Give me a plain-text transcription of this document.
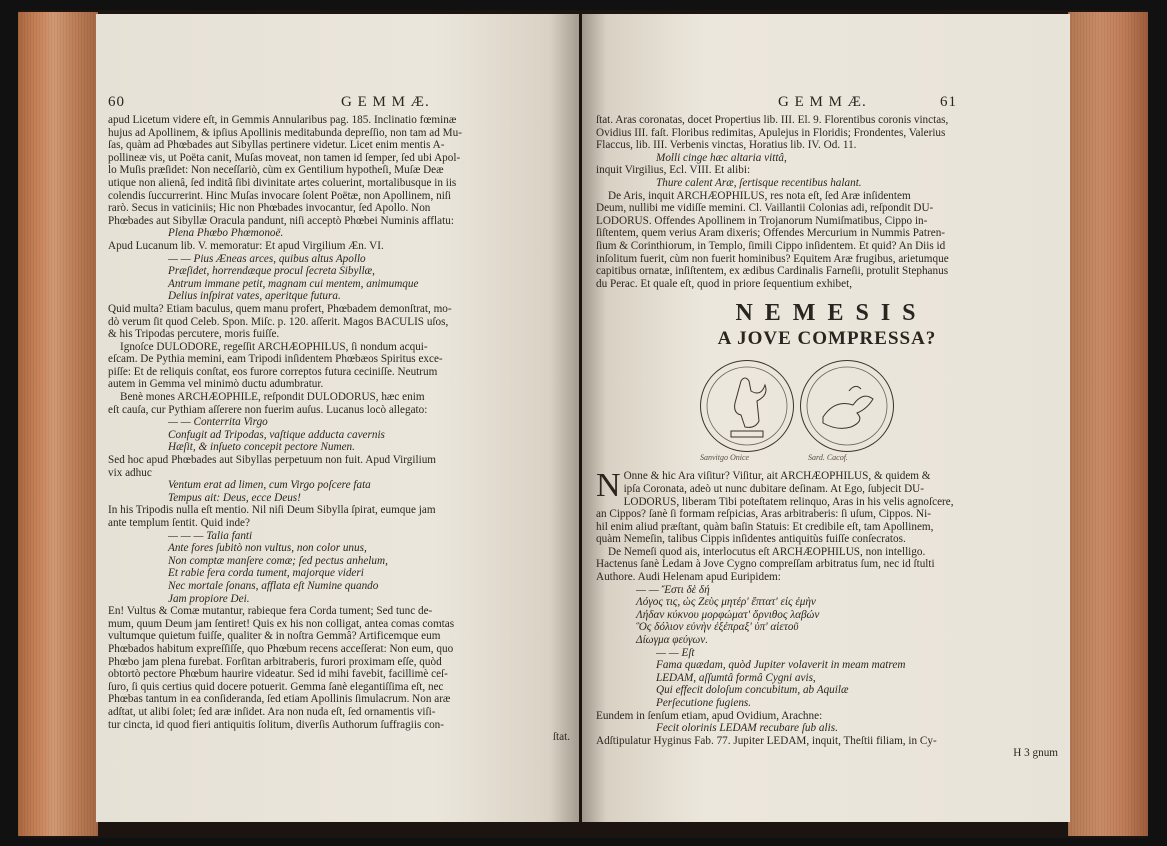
60	G E M M Æ.
apud Licetum videre eſt, in Gemmis Annularibus pag. 185. Inclinatio fœminæ
hujus ad Apollinem, & ipſius Apollinis meditabunda depreſſio, non tam ad Mu-
ſas, quàm ad Phœbades aut Sibyllas pertinere videtur. Licet enim mentis A-
pollineæ vis, ut Poëta canit, Muſas moveat, non tamen id ſemper, ſed ubi Apol-
lo Muſis præſidet: Non neceſſariò, cùm ex Gentilium hypotheſi, Muſæ Deæ
utique non alienâ, ſed inditâ ſibi divinitate artes coluerint, mortalibusque in iis
colendis ſuccurrerint. Hinc Muſas invocare ſolent Poëtæ, non Apollinem, niſi
rarò. Secus in vaticiniis; Hic non Phœbades invocantur, ſed Apollo. Non
Phœbades aut Sibyllæ Oracula pandunt, niſi acceptò Phœbei Numinis afflatu:
Plena Phœbo Phœmonoë.
Apud Lucanum lib. V. memoratur: Et apud Virgilium Æn. VI.
— — Pius Æneas arces, quibus altus Apollo
Præſidet, horrendæque procul ſecreta Sibyllæ,
Antrum immane petit, magnam cui mentem, animumque
Delius inſpirat vates, aperitque futura.
Quid multa? Etiam baculus, quem manu profert, Phœbadem demonſtrat, mo-
dò verum ſit quod Celeb. Spon. Miſc. p. 120. aſſerit. Magos BACULIS uſos,
& his Tripodas percutere, moris fuiſſe.
Ignoſce DULODORE, regeſſit ARCHÆOPHILUS, ſi nondum acqui-
eſcam. De Pythia memini, eam Tripodi inſidentem Phœbæos Spiritus exce-
piſſe: Et de reliquis conſtat, eos furore correptos futura ceciniſſe. Neutrum
autem in Gemma vel minimò ductu adumbratur.
Benè mones ARCHÆOPHILE, reſpondit DULODORUS, hæc enim
eſt cauſa, cur Pythiam aſſerere non fuerim auſus. Lucanus locò allegato:
— — Conterrita Virgo
Confugit ad Tripodas, vaſtique adducta cavernis
Hæſit, & inſueto concepit pectore Numen.
Sed hoc apud Phœbades aut Sibyllas perpetuum non fuit. Apud Virgilium
vix adhuc
Ventum erat ad limen, cum Virgo poſcere fata
Tempus ait: Deus, ecce Deus!
In his Tripodis nulla eſt mentio. Nil niſi Deum Sibylla ſpirat, eumque jam
ante templum ſentit. Quid inde?
— — — Talia fanti
Ante fores ſubitò non vultus, non color unus,
Non comptæ manſere comæ; ſed pectus anhelum,
Et rabie fera corda tument, majorque videri
Nec mortale ſonans, afflata eſt Numine quando
Jam propiore Dei.
En! Vultus & Comæ mutantur, rabieque fera Corda tument; Sed tunc de-
mum, quum Deum jam ſentiret! Quis ex his non colligat, antea comas comtas
vultumque quietum fuiſſe, qualiter & in noſtra Gemmâ? Artificemque eum
Phœbados habitum expreſſiſſe, quo Phœbum recens acceſſerat: Non eum, quo
Phœbo jam plena furebat. Forſitan arbitraberis, furori proximam eſſe, quòd
obtortò pectore Phœbum haurire videatur. Sed id mihi favebit, facillimè ceſ-
ſuro, ſi quis certius quid docere potuerit. Gemma ſanè elegantiſſima eſt, nec
Phœbas tantum in ea conſideranda, ſed etiam Apollinis ſimulacrum. Non aræ
adſtat, ut alibi ſolet; ſed aræ inſidet. Ara non nuda eſt, ſed ornamentis viſi-
tur cincta, id quod fieri antiquitis ſolitum, diverſis Authorum ſuffragiis con-
ſtat.
G E M M Æ.	61
ſtat. Aras coronatas, docet Propertius lib. III. El. 9. Florentibus coronis vinctas,
Ovidius III. faſt. Floribus redimitas, Apulejus in Floridis; Frondentes, Valerius
Flaccus, lib. III. Verbenis vinctas, Horatius lib. IV. Od. 11.
Molli cinge hæc altaria vittâ,
inquit Virgilius, Ecl. VIII. Et alibi:
Thure calent Aræ, ſertisque recentibus halant.
De Aris, inquit ARCHÆOPHILUS, res nota eſt, ſed Aræ inſidentem
Deum, nullibi me vidiſſe memini. Cl. Vaillantii Colonias adi, reſpondit DU-
LODORUS. Offendes Apollinem in Trojanorum Numiſmatibus, Cippo in-
ſiſtentem, quem verius Aram dixeris; Offendes Mercurium in Nummis Patren-
ſium & Corinthiorum, in Templo, ſimili Cippo inſidentem. Et quid? An Diis id
inſolitum fuerit, cùm non fuerit hominibus? Equitem Aræ frugibus, arietumque
capitibus ornatæ, inſiſtentem, ex ædibus Cardinalis Farneſii, protulit Stephanus
du Perac. Et quale eſt, quod in priore ſequentium exhibet,
N E M E S I S
A JOVE COMPRESSA?
Sanvitgo Onice	Sard. Cacof.
N Onne & hic Ara viſitur? Viſitur, ait ARCHÆOPHILUS, & quidem &
ipſa Coronata, adeò ut nunc dubitare deſinam. At Ego, ſubjecit DU-
LODORUS, liberam Tibi poteſtatem relinquo, Aras in his velis agnoſcere,
an Cippos? ſanè ſi formam reſpicias, Aras arbitraberis: ſi uſum, Cippos. Ni-
hil enim aliud præſtant, quàm baſin Statuis: Et credibile eſt, tam Apollinem,
quàm Nemeſin, talibus Cippis inſidentes antiquitùs fuiſſe conſecratos.
De Nemeſi quod ais, interlocutus eſt ARCHÆOPHILUS, non intelligo.
Hactenus ſanè Ledam à Jove Cygno compreſſam arbitratus ſum, nec id ſtulti
Authore. Audi Helenam apud Euripidem:
— — Ἔστι δὲ δή
Λόγος τις, ὡς Ζεὺς μητέρ' ἔπτατ' εἰς ἐμὴν
Λήδαν κύκνου μορφώματ' ὄρνιθος λαβών
Ὃς δόλιον εὐνὴν ἐξέπραξ' ὑπ' αἰετοῦ
Δίωγμα φεύγων.
— — Eſt
Fama quædam, quòd Jupiter volaverit in meam matrem
LEDAM, aſſumtâ formâ Cygni avis,
Qui effecit doloſum concubitum, ab Aquilæ
Perſecutione fugiens.
Eundem in ſenſum etiam, apud Ovidium, Arachne:
Fecit olorinis LEDAM recubare ſub alis.
Adſtipulatur Hyginus Fab. 77. Jupiter LEDAM, inquit, Theſtii filiam, in Cy-
H 3 gnum
